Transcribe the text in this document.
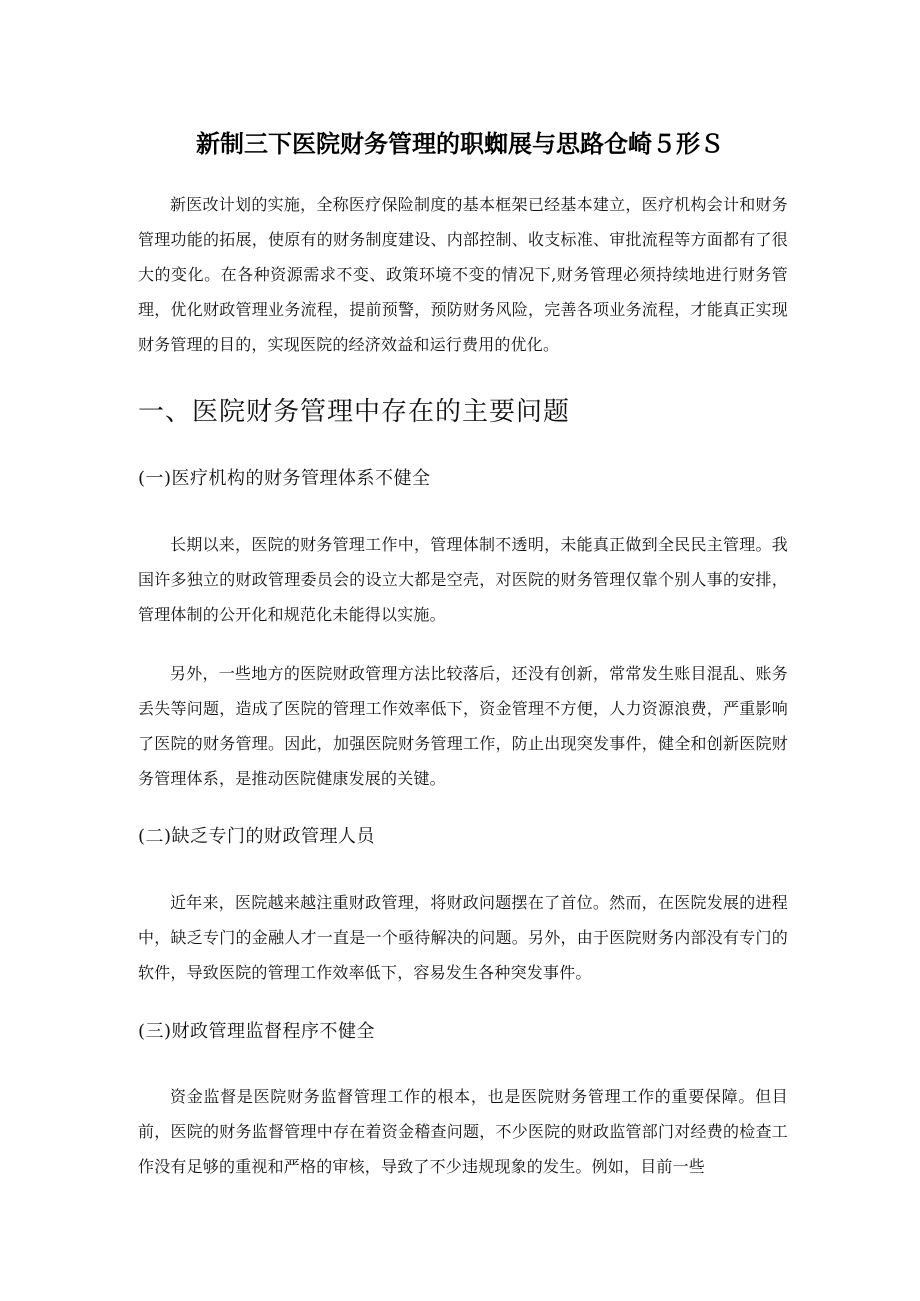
新制三下医院财务管理的职蜘展与思路仓崎５形Ｓ

新医改计划的实施，全称医疗保险制度的基本框架已经基本建立，医疗机构会计和财务管理功能的拓展，使原有的财务制度建设、内部控制、收支标准、审批流程等方面都有了很大的变化。在各种资源需求不变、政策环境不变的情况下,财务管理必须持续地进行财务管理，优化财政管理业务流程，提前预警，预防财务风险，完善各项业务流程，才能真正实现财务管理的目的，实现医院的经济效益和运行费用的优化。

一、医院财务管理中存在的主要问题
(一)医疗机构的财务管理体系不健全

长期以来，医院的财务管理工作中，管理体制不透明，未能真正做到全民民主管理。我国许多独立的财政管理委员会的设立大都是空壳，对医院的财务管理仅靠个别人事的安排，管理体制的公开化和规范化未能得以实施。

另外，一些地方的医院财政管理方法比较落后，还没有创新，常常发生账目混乱、账务丢失等问题，造成了医院的管理工作效率低下，资金管理不方便，人力资源浪费，严重影响了医院的财务管理。因此，加强医院财务管理工作，防止出现突发事件，健全和创新医院财务管理体系，是推动医院健康发展的关键。

(二)缺乏专门的财政管理人员

近年来，医院越来越注重财政管理，将财政问题摆在了首位。然而，在医院发展的进程中，缺乏专门的金融人才一直是一个亟待解决的问题。另外，由于医院财务内部没有专门的软件，导致医院的管理工作效率低下，容易发生各种突发事件。

(三)财政管理监督程序不健全

资金监督是医院财务监督管理工作的根本，也是医院财务管理工作的重要保障。但目前，医院的财务监督管理中存在着资金稽查问题，不少医院的财政监管部门对经费的检查工作没有足够的重视和严格的审核，导致了不少违规现象的发生。例如，目前一些
